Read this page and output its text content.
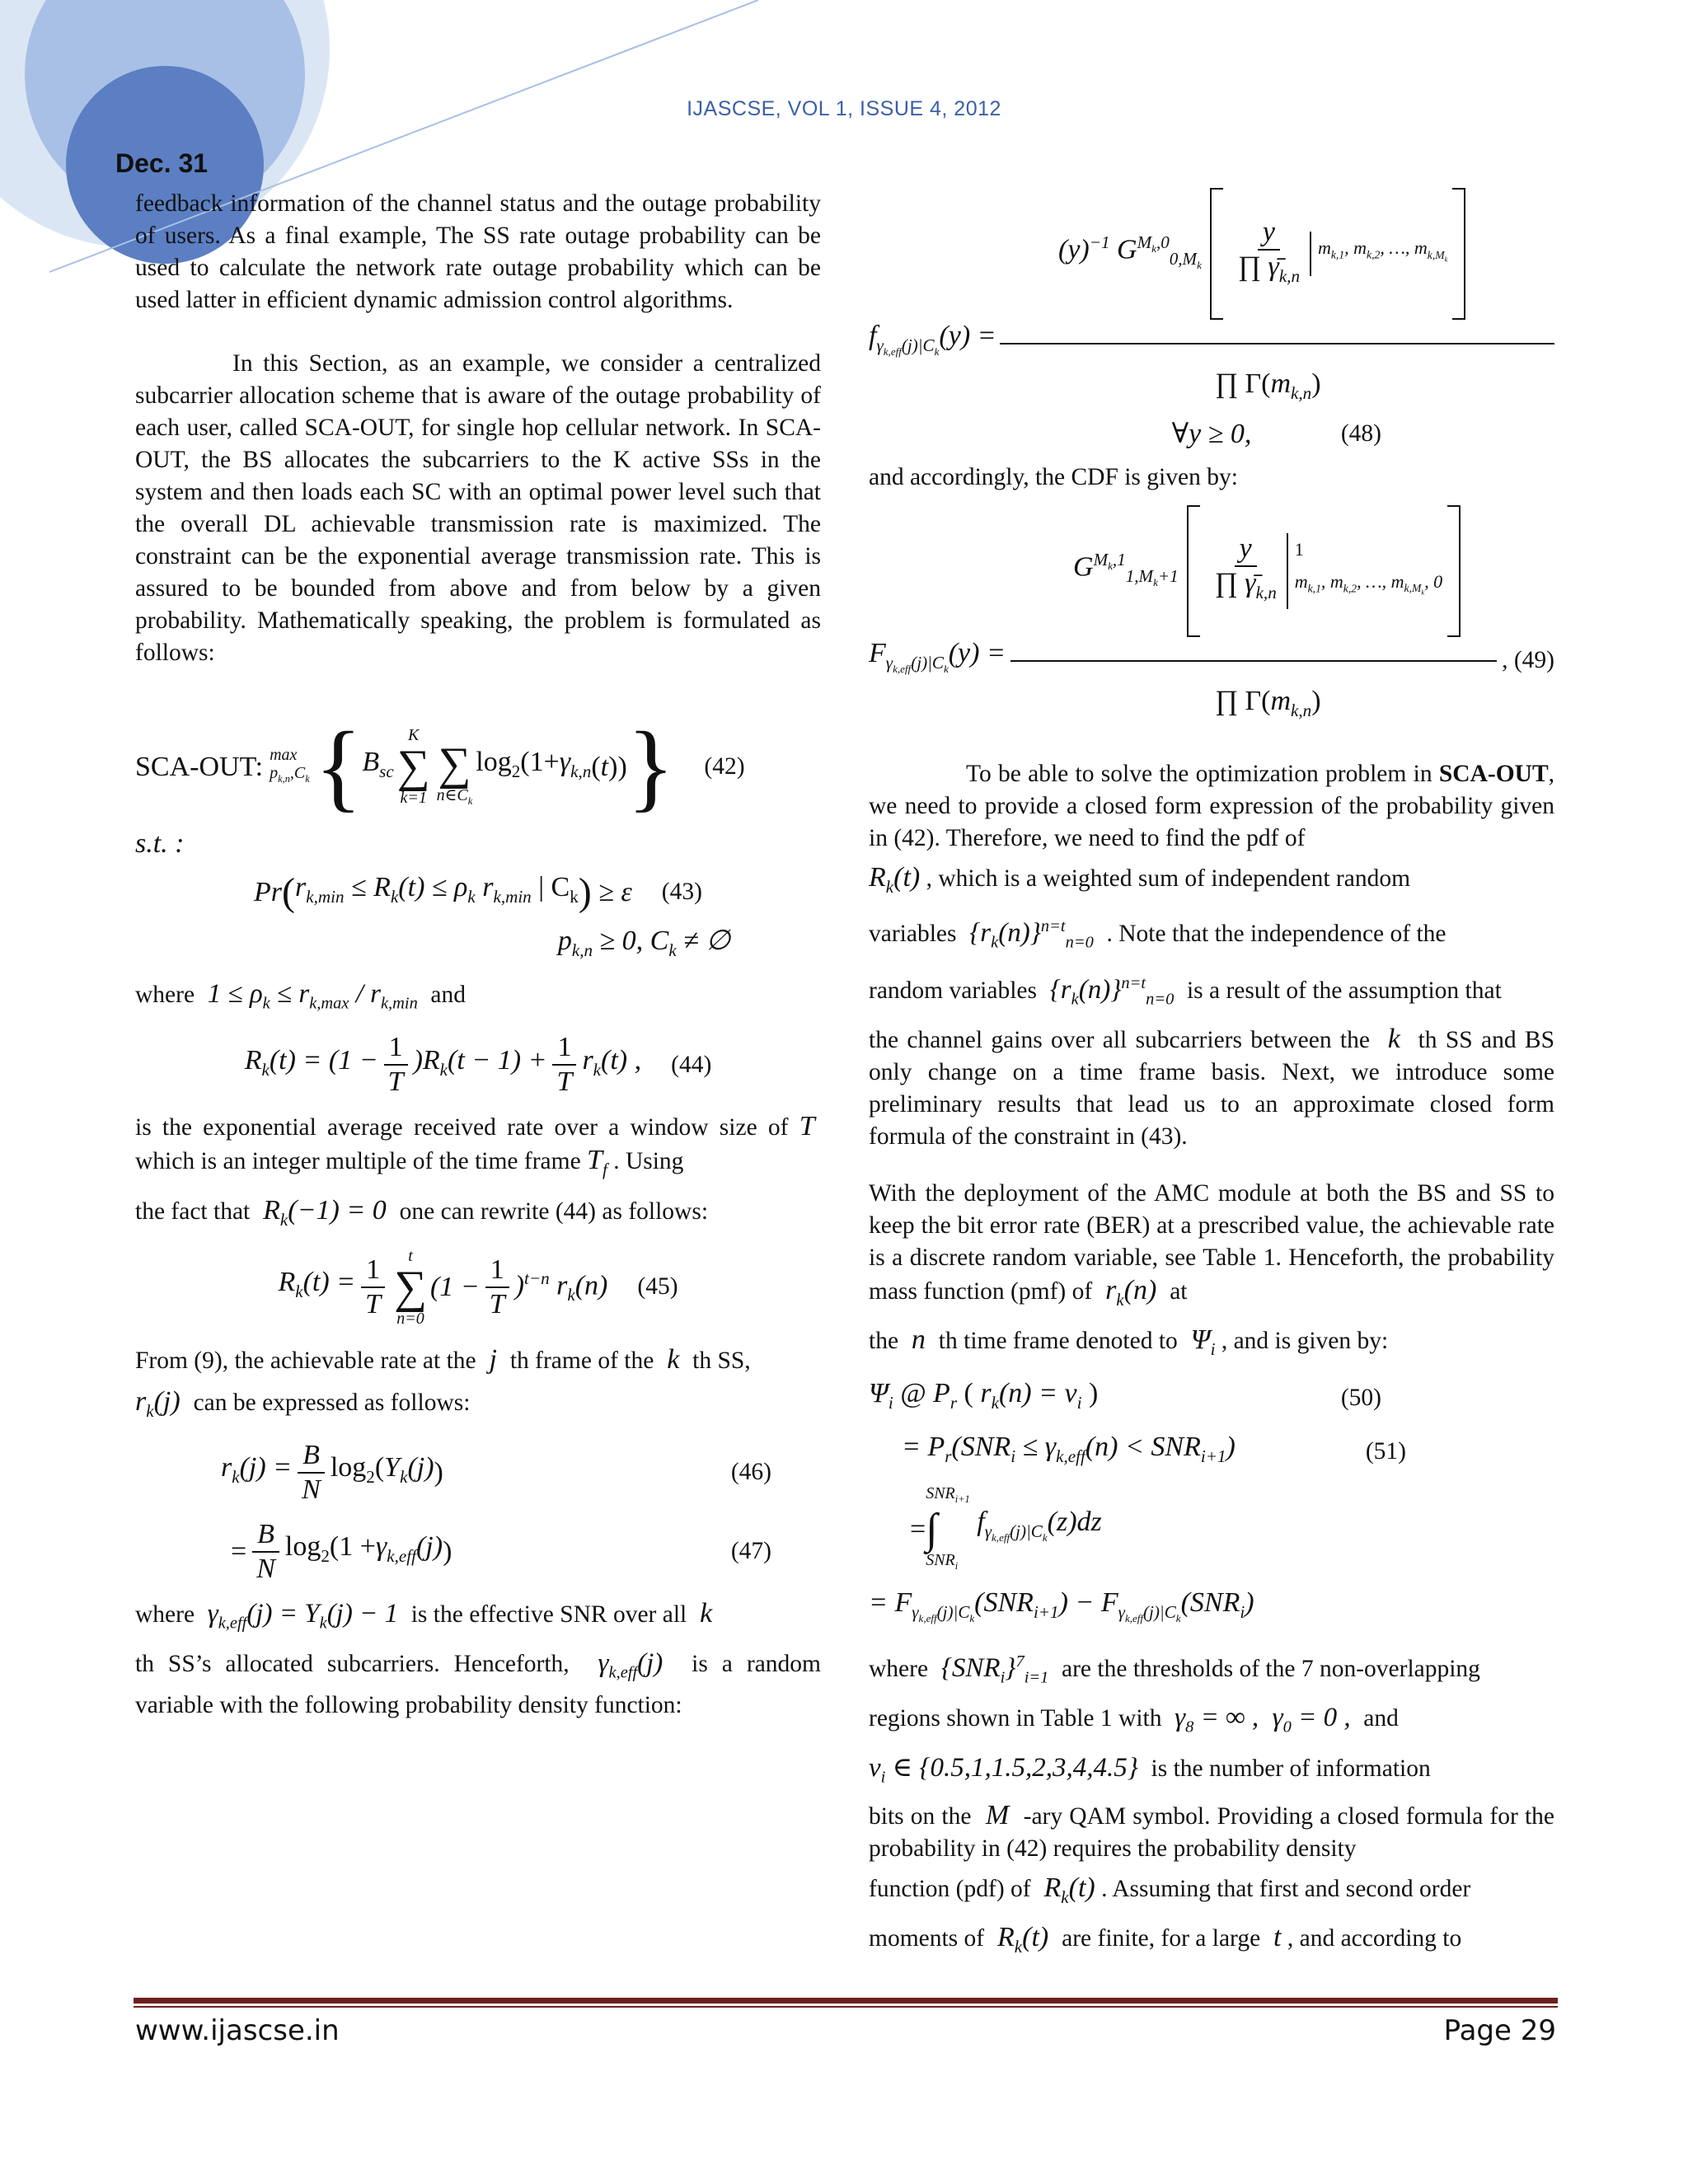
IJASCSE, VOL 1, ISSUE 4, 2012
Dec. 31

feedback information of the channel status and the outage probability of users. As a final example, The SS rate outage probability can be used to calculate the network rate outage probability which can be used latter in efficient dynamic admission control algorithms.

In this Section, as an example, we consider a centralized subcarrier allocation scheme that is aware of the outage probability of each user, called SCA-OUT, for single hop cellular network. In SCA-OUT, the BS allocates the subcarriers to the K active SSs in the system and then loads each SC with an optimal power level such that the overall DL achievable transmission rate is maximized. The constraint can be the exponential average transmission rate. This is assured to be bounded from above and from below by a given probability. Mathematically speaking, the problem is formulated as follows:

SCA-OUT: max
$p_{k,n},C_k$ { $B_{sc}$
K
∑
k=1

∑
$n\in C_k$
$\log_2(1+ \gamma_{k,n}$ ( t )) } (42)
s.t. :
Pr ( $r_{k,min} \le R_k(t) \le \rho_k$ $r_{k,min}$ | $C_k$ ) ≥ ε (43)
$p_{k,n} \ge 0$, $C_k$ ≠ ∅

where  $1 \le \rho_k \le r_{k,max} / r_{k,min}$ and

$R_k(t) = (1 - \frac{1}{T} )R_k(t - 1) + \frac{1}{T} r_k(t)$ , (44)

is the exponential average received rate over a window size of T  which is an integer multiple of the time frame $T_f$ . Using

the fact that  $R_k(-1) = 0$  one can rewrite (44) as follows:

$R_k(t) = \frac{1}{T}$ t
∑
n=0
$(1 - \frac{1}{T} )^{t-n}$ $r_k(n)$ (45)

From (9), the achievable rate at the  j  th frame of the  k  th SS,

$r_k(j)$  can be expressed as follows:

$r_k(j) = \frac{B}{N} \log_2$( $Y_k(j)$ )	(46)
= $\frac{B}{N} \log_2(1 + \gamma_{k,eff}(j)$ )	(47)

where  $\gamma_{k,eff}(j) = Y_k(j) - 1$  is the effective SNR over all  k

th SS’s allocated subcarriers. Henceforth,  $\gamma_{k,eff}(j)$  is a random variable with the following probability density function:

$(y)^{-1}$ $G^{M_k,0}_{0,M_k} \frac{y}{\prod \gammā_{k,n}} m_{k,1}$, $m_{k,2}$, …, $m_{k,M_k}$
$f_{\gamma_{k,eff}(j)|C_k}(y)$ =
∏ $\Gamma(m_{k,n})$
∀y ≥ 0,	(48)

and accordingly, the CDF is given by:

$G^{M_k,1}_{1,M_k+1} \frac{y}{\prod \gammā_{k,n}} 1$
$m_{k,1}$, $m_{k,2}$, …, $m_{k,M_k}$, 0
$F_{\gamma_{k,eff}(j)|C_k}(y)$ =	, (49)
∏ $\Gamma(m_{k,n})$

To be able to solve the optimization problem in SCA-OUT, we need to provide a closed form expression of the probability given in (42). Therefore, we need to find the pdf of

$R_k(t)$ , which is a weighted sum of independent random

variables  $\{r_k(n)\}^{n=t}_{n=0}$ . Note that the independence of the

random variables  $\{r_k(n)\}^{n=t}_{n=0}$ is a result of the assumption that

the channel gains over all subcarriers between the  k  th SS and BS only change on a time frame basis. Next, we introduce some preliminary results that lead us to an approximate closed form formula of the constraint in (43).

With the deployment of the AMC module at both the BS and SS to keep the bit error rate (BER) at a prescribed value, the achievable rate is a discrete random variable, see Table 1. Henceforth, the probability mass function (pmf) of  $r_k(n)$  at

the  n  th time frame denoted to  $\Psi_i$ , and is given by:

$\Psi_i$ @ $P_r$ ( $r_k(n) = \nu_i$ )	(50)
= $P_r(SNR_i \le \gamma_{k,eff}(n) < SNR_{i+1})$	(51)
=
$SNR_{i+1}$
∫
$SNR_i$
$f_{\gamma_{k,eff}(j)|C_k}(z)dz$
= $F_{\gamma_{k,eff}(j)|C_k}(SNR_{i+1}) - F_{\gamma_{k,eff}(j)|C_k}(SNR_i)$

where  $\{SNR_i\}^7_{i=1}$ are the thresholds of the 7 non-overlapping

regions shown in Table 1 with  $\gamma_8$ = ∞ ,  $\gamma_0 = 0$ ,  and

$\nu_i$ ∈ {0.5,1,1.5,2,3,4,4.5}  is the number of information

bits on the  M  -ary QAM symbol. Providing a closed formula for the probability in (42) requires the probability density

function (pdf) of  $R_k(t)$ . Assuming that first and second order

moments of  $R_k(t)$  are finite, for a large  t , and according to

www.ijascse.in	Page 29
